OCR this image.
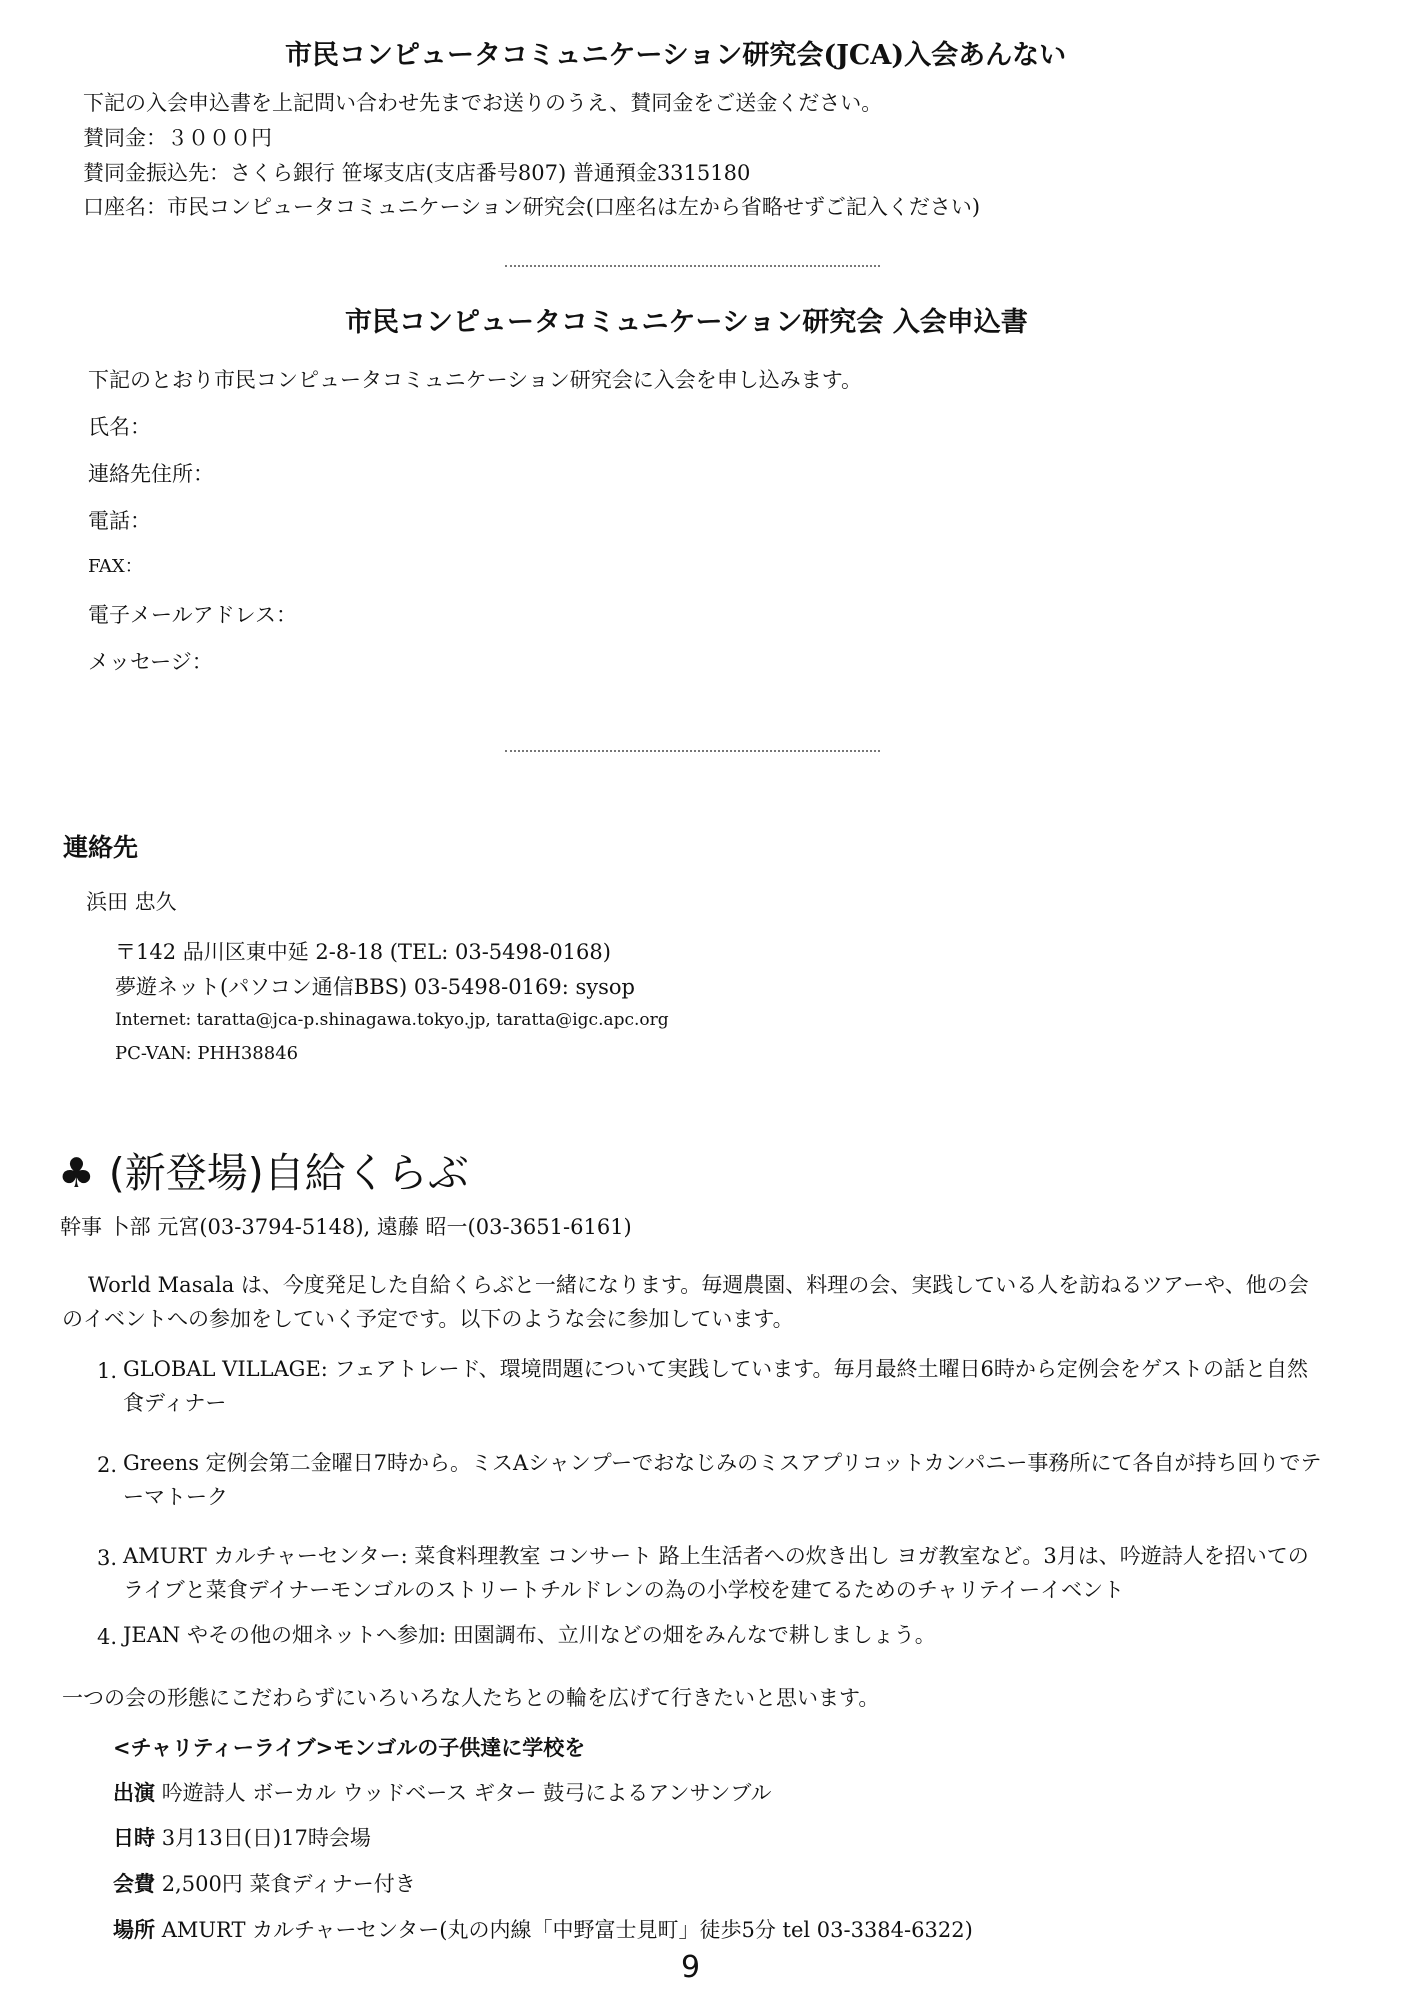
市民コンピュータコミュニケーション研究会(JCA)入会あんない
下記の入会申込書を上記問い合わせ先までお送りのうえ、賛同金をご送金ください。
賛同金：３０００円
賛同金振込先：さくら銀行 笹塚支店(支店番号807) 普通預金3315180
口座名：市民コンピュータコミュニケーション研究会(口座名は左から省略せずご記入ください)
市民コンピュータコミュニケーション研究会 入会申込書
下記のとおり市民コンピュータコミュニケーション研究会に入会を申し込みます。
氏名：
連絡先住所：
電話：
FAX：
電子メールアドレス：
メッセージ：
連絡先
浜田 忠久
〒142 品川区東中延 2-8-18 (TEL: 03-5498-0168)
夢遊ネット(パソコン通信BBS) 03-5498-0169: sysop
Internet: taratta@jca-p.shinagawa.tokyo.jp, taratta@igc.apc.org
PC-VAN: PHH38846
♣ (新登場)自給くらぶ
幹事 卜部 元宮(03-3794-5148), 遠藤 昭一(03-3651-6161)
World Masala は、今度発足した自給くらぶと一緒になります。毎週農園、料理の会、実践している人を訪ねるツアーや、他の会のイベントへの参加をしていく予定です。以下のような会に参加しています。
1. GLOBAL VILLAGE: フェアトレード、環境問題について実践しています。毎月最終土曜日6時から定例会をゲストの話と自然食ディナー
2. Greens 定例会第二金曜日7時から。ミスAシャンプーでおなじみのミスアプリコットカンパニー事務所にて各自が持ち回りでテーマトーク
3. AMURT カルチャーセンター: 菜食料理教室 コンサート 路上生活者への炊き出し ヨガ教室など。3月は、吟遊詩人を招いてのライブと菜食デイナーモンゴルのストリートチルドレンの為の小学校を建てるためのチャリテイーイベント
4. JEAN やその他の畑ネットへ参加: 田園調布、立川などの畑をみんなで耕しましょう。
一つの会の形態にこだわらずにいろいろな人たちとの輪を広げて行きたいと思います。
<チャリティーライブ>モンゴルの子供達に学校を
出演 吟遊詩人 ボーカル ウッドベース ギター 鼓弓によるアンサンブル
日時 3月13日(日)17時会場
会費 2,500円 菜食ディナー付き
場所 AMURT カルチャーセンター(丸の内線「中野富士見町」徒歩5分 tel 03-3384-6322)
9
